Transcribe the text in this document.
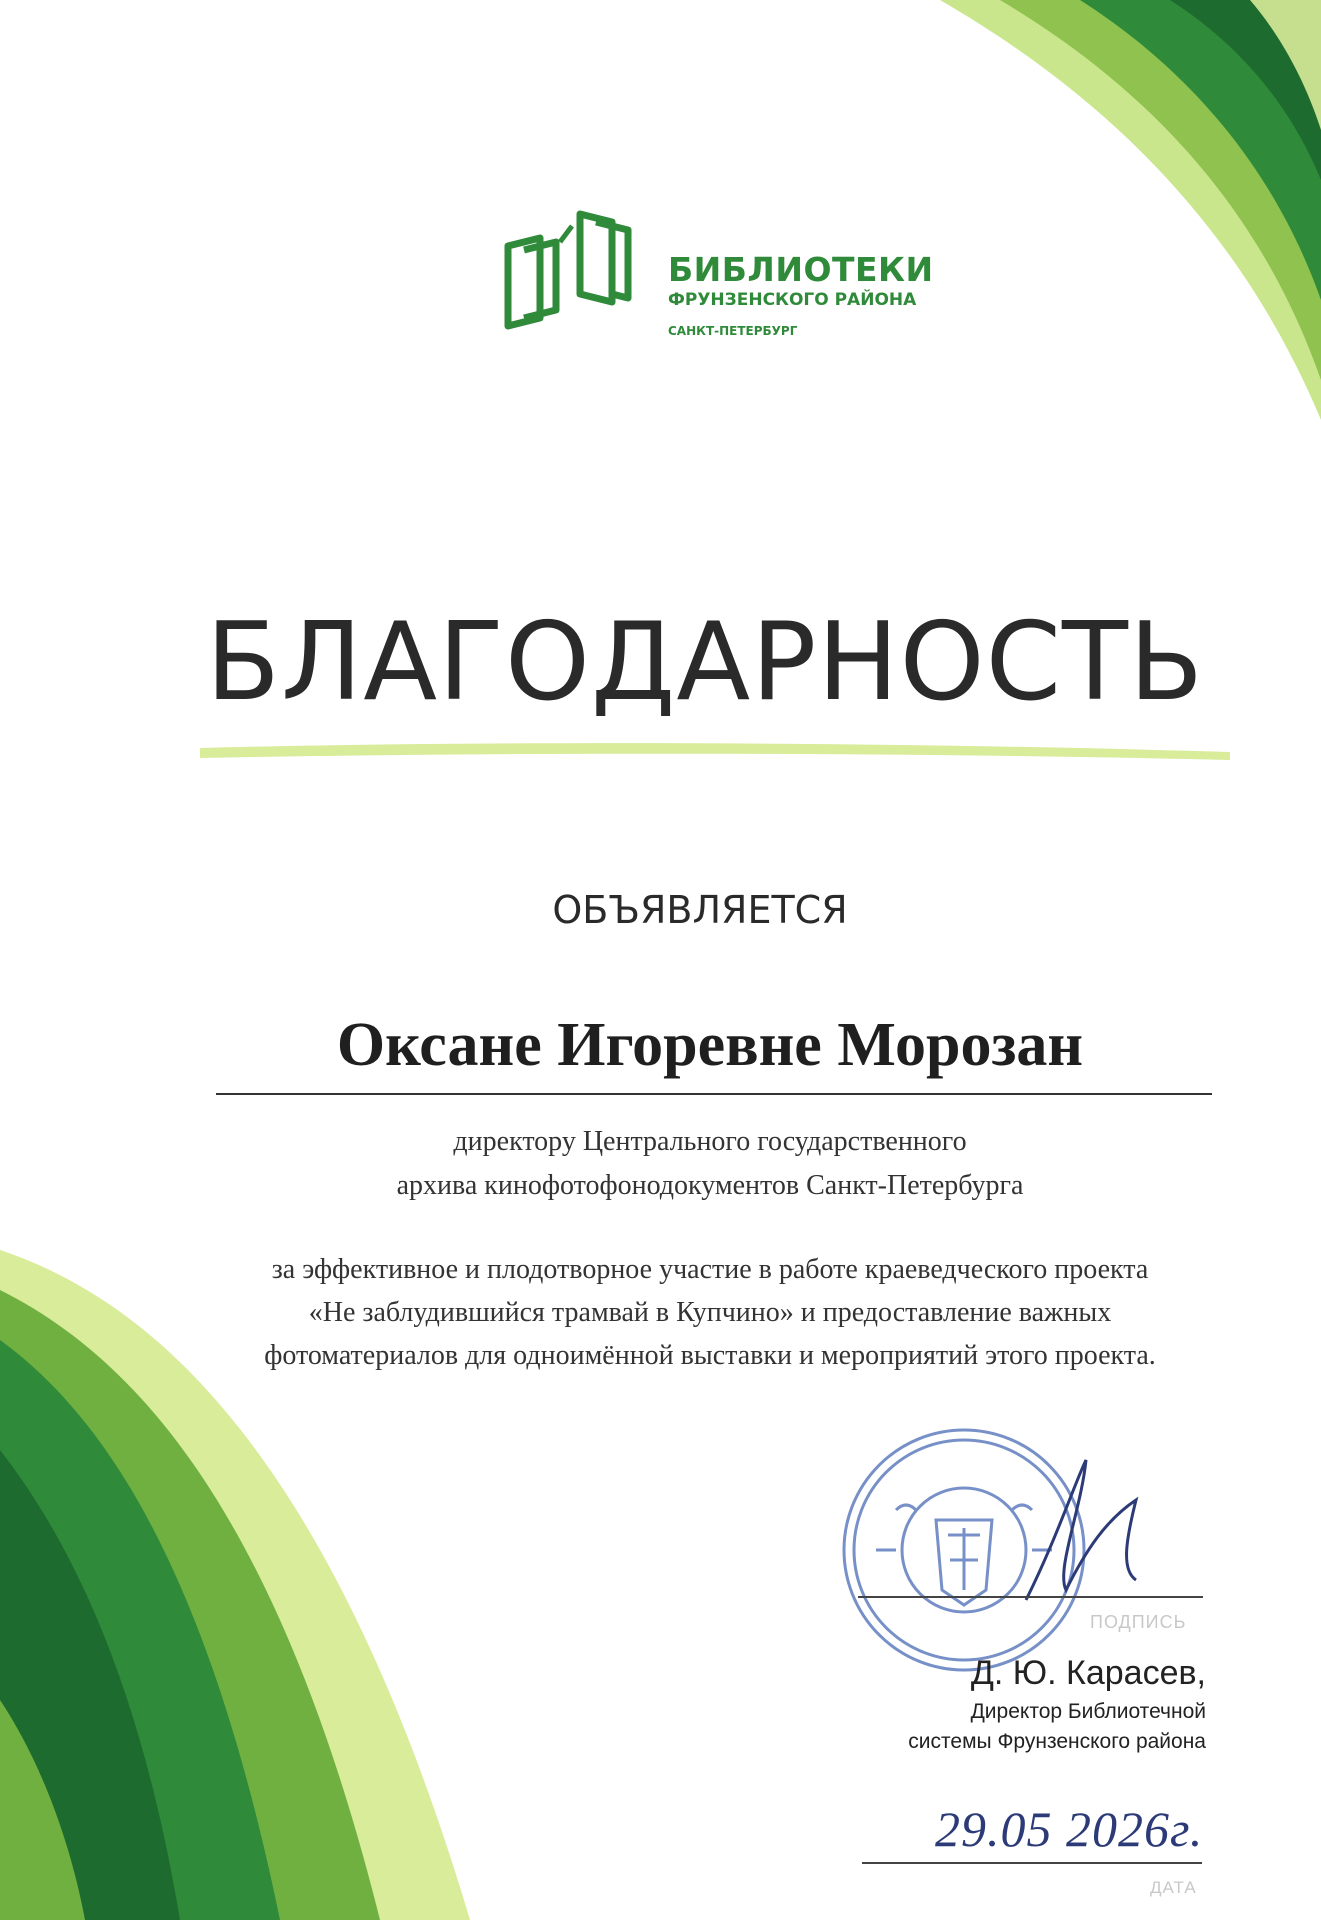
БИБЛИОТЕКИ
ФРУНЗЕНСКОГО РАЙОНА
САНКТ-ПЕТЕРБУРГ
БЛАГОДАРНОСТЬ
ОБЪЯВЛЯЕТСЯ
Оксане Игоревне Морозан
директору Центрального государственного
архива кинофотофонодокументов Санкт-Петербурга
за эффективное и плодотворное участие в работе краеведческого проекта
«Не заблудившийся трамвай в Купчино» и предоставление важных
фотоматериалов для одноимённой выставки и мероприятий этого проекта.
ПОДПИСЬ
Д. Ю. Карасев,
Директор Библиотечной
системы Фрунзенского района
29.05 2026г.
ДАТА
